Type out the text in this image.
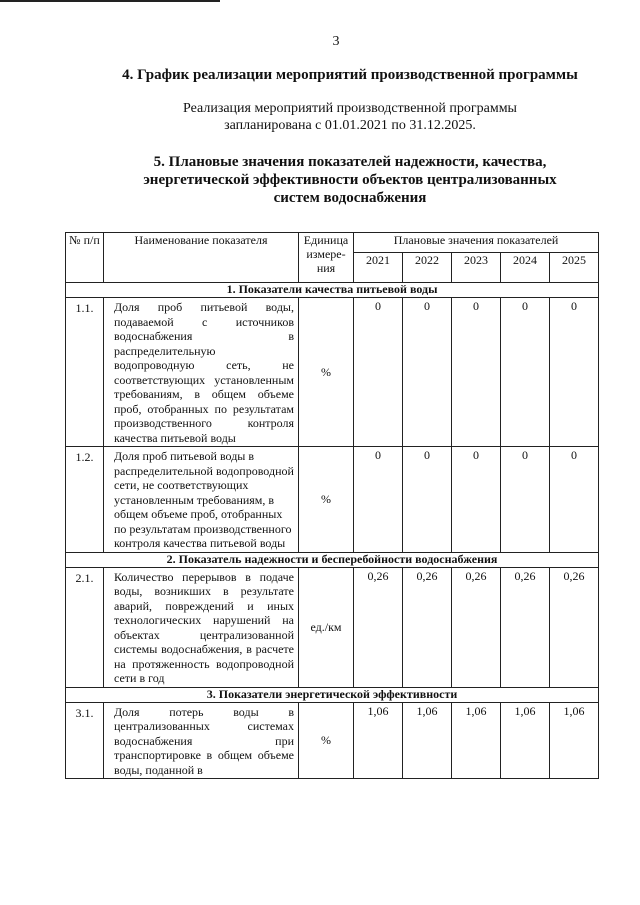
3
4. График реализации мероприятий производственной программы
Реализация мероприятий производственной программы
запланирована с 01.01.2021 по 31.12.2025.
5. Плановые значения показателей надежности, качества,
энергетической эффективности объектов централизованных
систем водоснабжения
№ п/п	Наименование показателя	Единица измере-ния	Плановые значения показателей				
			2021	2022	2023	2024	2025
1. Показатели качества питьевой воды							
1.1.	Доля проб питьевой воды, подаваемой с источников водоснабжения в распределительную водопроводную сеть, не соответствующих установленным требованиям, в общем объеме проб, отобранных по результатам производственного контроля качества питьевой воды	%	0	0	0	0	0
1.2.	Доля проб питьевой воды в распределительной водопроводной сети, не соответствующих установленным требованиям, в общем объеме проб, отобранных по результатам производственного контроля качества питьевой воды	%	0	0	0	0	0
2. Показатель надежности и бесперебойности водоснабжения							
2.1.	Количество перерывов в подаче воды, возникших в результате аварий, повреждений и иных технологических нарушений на объектах централизованной системы водоснабжения, в расчете на протяженность водопроводной сети в год	ед./км	0,26	0,26	0,26	0,26	0,26
3. Показатели энергетической эффективности							
3.1.	Доля потерь воды в централизованных системах водоснабжения при транспортировке в общем объеме воды, поданной в	%	1,06	1,06	1,06	1,06	1,06
